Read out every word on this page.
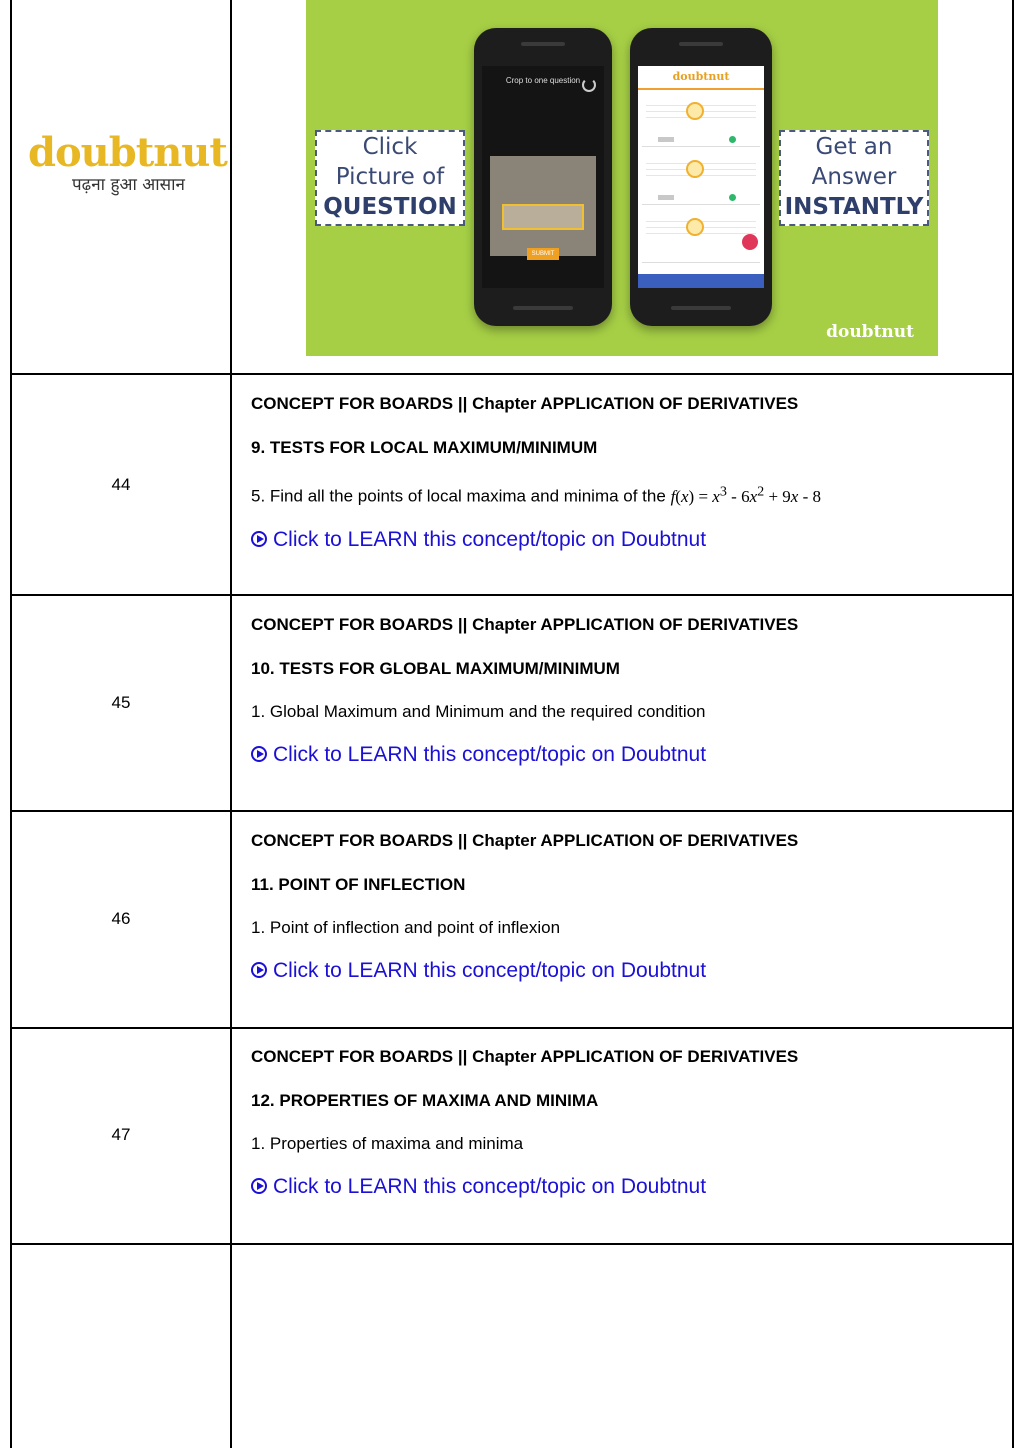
doubtnut
पढ़ना हुआ आसान
Click
Picture of
QUESTION
Crop to one question
SUBMIT
doubtnut
Get an
Answer
INSTANTLY
doubtnut
44
CONCEPT FOR BOARDS || Chapter APPLICATION OF DERIVATIVES
9. TESTS FOR LOCAL MAXIMUM/MINIMUM
5. Find all the points of local maxima and minima of the $f(x) = x^3 - 6x^2 + 9x - 8$
Click to LEARN this concept/topic on Doubtnut
45
CONCEPT FOR BOARDS || Chapter APPLICATION OF DERIVATIVES
10. TESTS FOR GLOBAL MAXIMUM/MINIMUM
1. Global Maximum and Minimum and the required condition
Click to LEARN this concept/topic on Doubtnut
46
CONCEPT FOR BOARDS || Chapter APPLICATION OF DERIVATIVES
11. POINT OF INFLECTION
1. Point of inflection and point of inflexion
Click to LEARN this concept/topic on Doubtnut
47
CONCEPT FOR BOARDS || Chapter APPLICATION OF DERIVATIVES
12. PROPERTIES OF MAXIMA AND MINIMA
1. Properties of maxima and minima
Click to LEARN this concept/topic on Doubtnut
